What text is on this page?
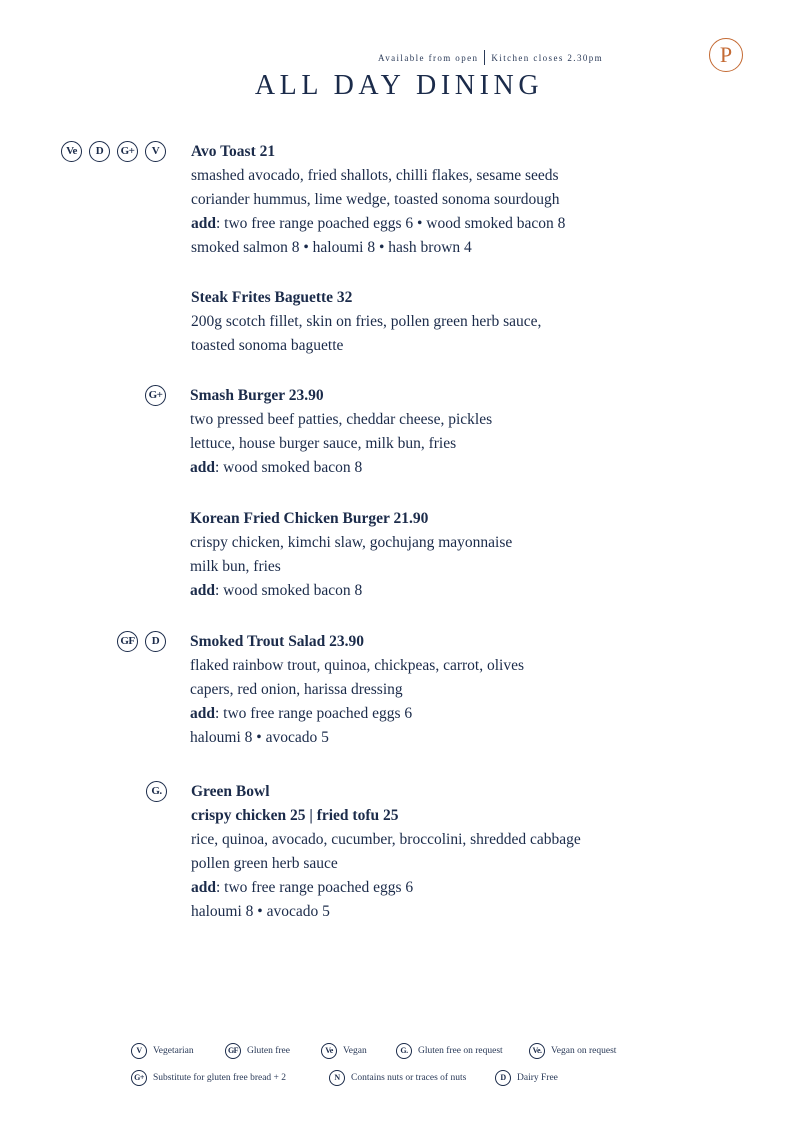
Available from open Kitchen closes 2.30pm	P
ALL DAY DINING
Ve	D	G+	V	Avo Toast 21
smashed avocado, fried shallots, chilli flakes, sesame seeds
coriander hummus, lime wedge, toasted sonoma sourdough
add: two free range poached eggs 6 • wood smoked bacon 8
smoked salmon 8 • haloumi 8 • hash brown 4
Steak Frites Baguette 32
200g scotch fillet, skin on fries, pollen green herb sauce,
toasted sonoma baguette
G+ Smash Burger 23.90
two pressed beef patties, cheddar cheese, pickles
lettuce, house burger sauce, milk bun, fries
add: wood smoked bacon 8
Korean Fried Chicken Burger 21.90
crispy chicken, kimchi slaw, gochujang mayonnaise
milk bun, fries
add: wood smoked bacon 8
GF	D	Smoked Trout Salad 23.90
flaked rainbow trout, quinoa, chickpeas, carrot, olives
capers, red onion, harissa dressing
add: two free range poached eggs 6
haloumi 8 • avocado 5
G.	Green Bowl
crispy chicken 25 | fried tofu 25
rice, quinoa, avocado, cucumber, broccolini, shredded cabbage
pollen green herb sauce
add: two free range poached eggs 6
haloumi 8 • avocado 5
V	Vegetarian	GF Gluten free	Ve	Vegan	G.	Gluten free on request	Ve. Vegan on request
G+ Substitute for gluten free bread + 2	N	Contains nuts or traces of nuts	D	Dairy Free
